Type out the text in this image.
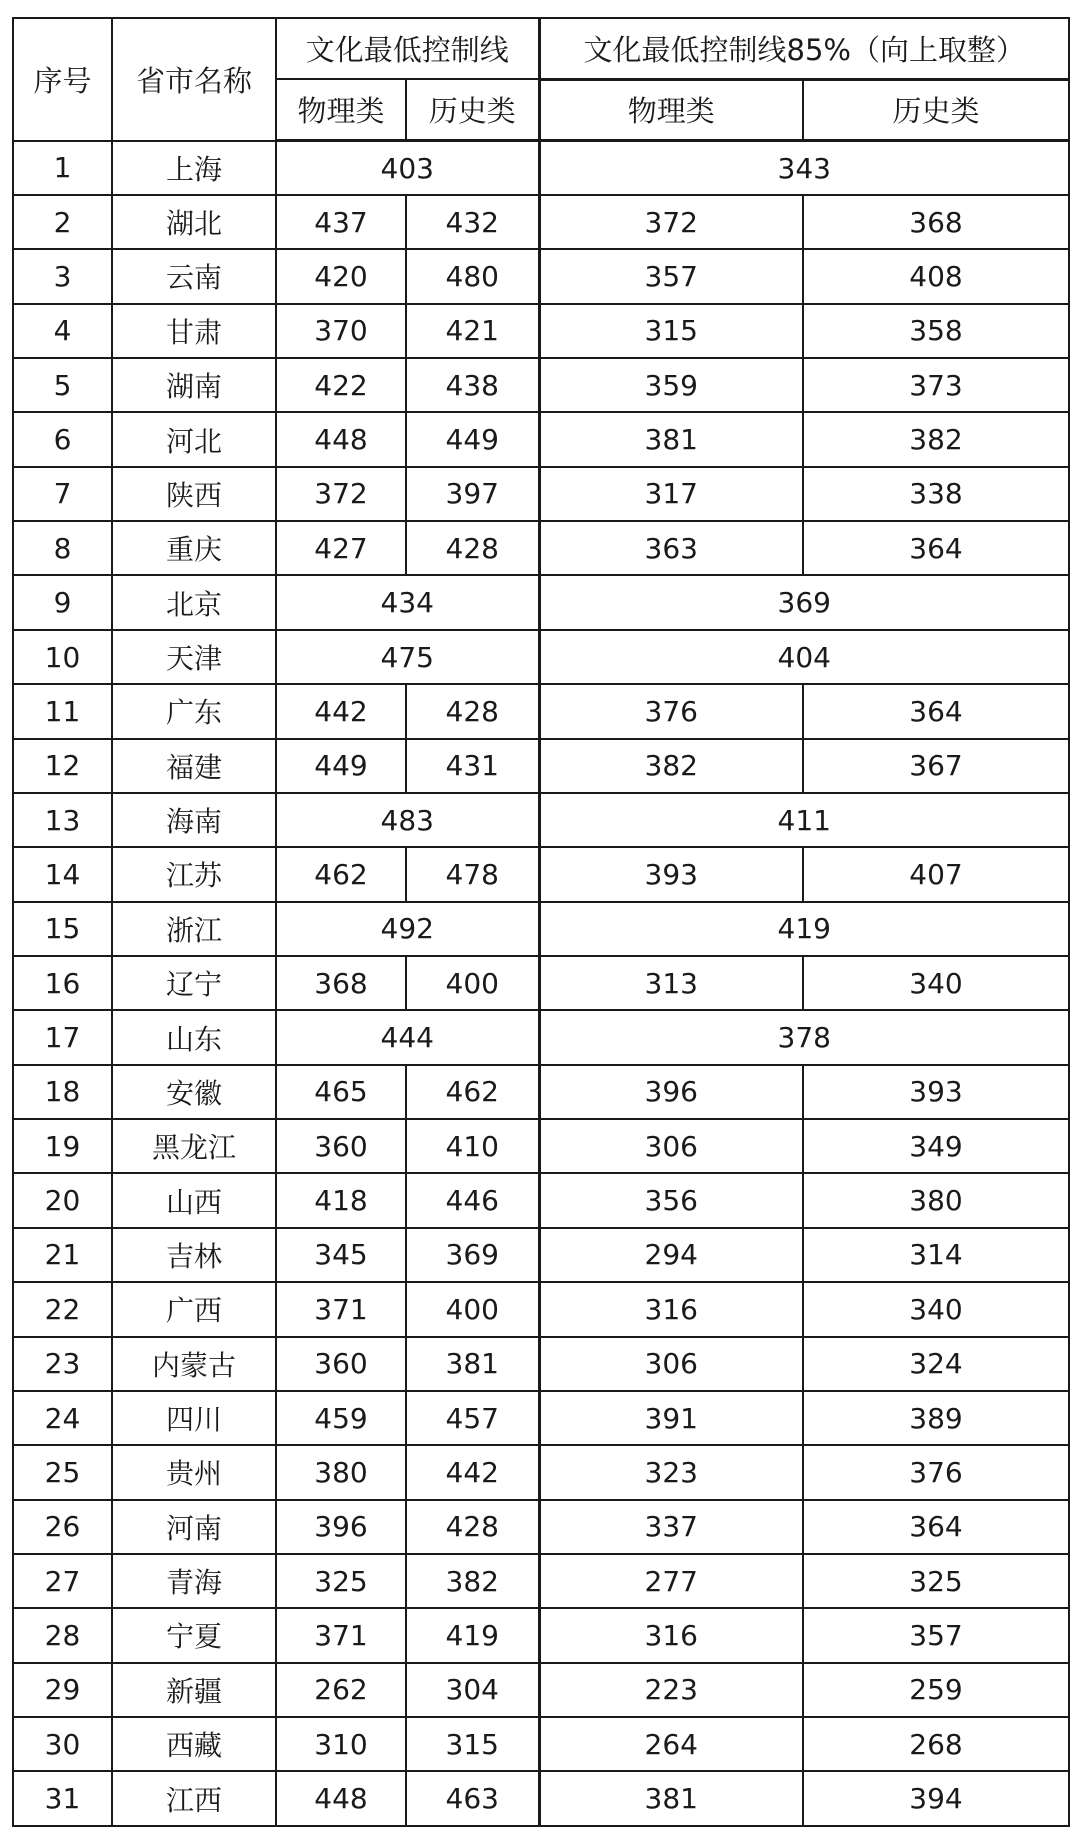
序号	省市名称	文化最低控制线		文化最低控制线85%（向上取整）	
		物理类	历史类	物理类	历史类
1	上海	403		343	
2	湖北	437	432	372	368
3	云南	420	480	357	408
4	甘肃	370	421	315	358
5	湖南	422	438	359	373
6	河北	448	449	381	382
7	陕西	372	397	317	338
8	重庆	427	428	363	364
9	北京	434		369	
10	天津	475		404	
11	广东	442	428	376	364
12	福建	449	431	382	367
13	海南	483		411	
14	江苏	462	478	393	407
15	浙江	492		419	
16	辽宁	368	400	313	340
17	山东	444		378	
18	安徽	465	462	396	393
19	黑龙江	360	410	306	349
20	山西	418	446	356	380
21	吉林	345	369	294	314
22	广西	371	400	316	340
23	内蒙古	360	381	306	324
24	四川	459	457	391	389
25	贵州	380	442	323	376
26	河南	396	428	337	364
27	青海	325	382	277	325
28	宁夏	371	419	316	357
29	新疆	262	304	223	259
30	西藏	310	315	264	268
31	江西	448	463	381	394
